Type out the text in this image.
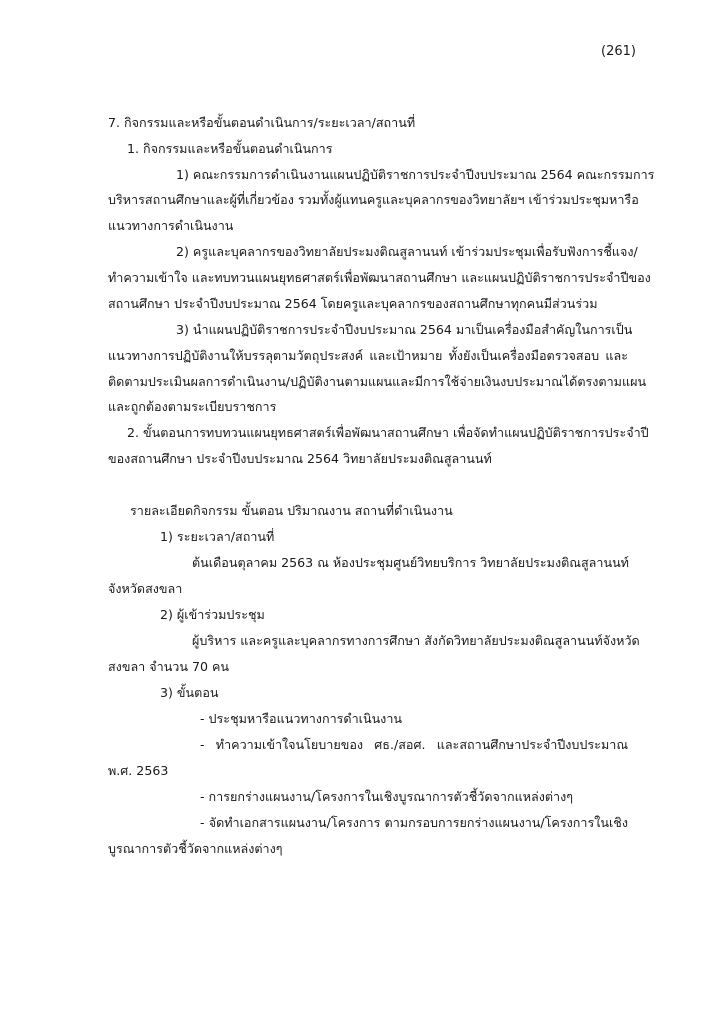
(261)
7. กิจกรรมและหรือขั้นตอนดำเนินการ/ระยะเวลา/สถานที่
1. กิจกรรมและหรือขั้นตอนดำเนินการ
1) คณะกรรมการดำเนินงานแผนปฏิบัติราชการประจำปีงบประมาณ 2564 คณะกรรมการ
บริหารสถานศึกษาและผู้ที่เกี่ยวข้อง รวมทั้งผู้แทนครูและบุคลากรของวิทยาลัยฯ เข้าร่วมประชุมหารือ
แนวทางการดำเนินงาน
2) ครูและบุคลากรของวิทยาลัยประมงติณสูลานนท์ เข้าร่วมประชุมเพื่อรับฟังการชี้แจง/
ทำความเข้าใจ และทบทวนแผนยุทธศาสตร์เพื่อพัฒนาสถานศึกษา และแผนปฏิบัติราชการประจำปีของ
สถานศึกษา ประจำปีงบประมาณ 2564 โดยครูและบุคลากรของสถานศึกษาทุกคนมีส่วนร่วม
3) นำแผนปฏิบัติราชการประจำปีงบประมาณ 2564 มาเป็นเครื่องมือสำคัญในการเป็น
แนวทางการปฏิบัติงานให้บรรลุตามวัตถุประสงค์ และเป้าหมาย ทั้งยังเป็นเครื่องมือตรวจสอบ และ
ติดตามประเมินผลการดำเนินงาน/ปฏิบัติงานตามแผนและมีการใช้จ่ายเงินงบประมาณได้ตรงตามแผน
และถูกต้องตามระเบียบราชการ
2. ขั้นตอนการทบทวนแผนยุทธศาสตร์เพื่อพัฒนาสถานศึกษา เพื่อจัดทำแผนปฏิบัติราชการประจำปี
ของสถานศึกษา ประจำปีงบประมาณ 2564 วิทยาลัยประมงติณสูลานนท์
รายละเอียดกิจกรรม ขั้นตอน ปริมาณงาน สถานที่ดำเนินงาน
1) ระยะเวลา/สถานที่
ต้นเดือนตุลาคม 2563 ณ ห้องประชุมศูนย์วิทยบริการ วิทยาลัยประมงติณสูลานนท์
จังหวัดสงขลา
2) ผู้เข้าร่วมประชุม
ผู้บริหาร และครูและบุคลากรทางการศึกษา สังกัดวิทยาลัยประมงติณสูลานนท์จังหวัด
สงขลา จำนวน 70 คน
3) ขั้นตอน
- ประชุมหารือแนวทางการดำเนินงาน
- ทำความเข้าใจนโยบายของ ศธ./สอศ. และสถานศึกษาประจำปีงบประมาณ
พ.ศ. 2563
- การยกร่างแผนงาน/โครงการในเชิงบูรณาการตัวชี้วัดจากแหล่งต่างๆ
- จัดทำเอกสารแผนงาน/โครงการ ตามกรอบการยกร่างแผนงาน/โครงการในเชิง
บูรณาการตัวชี้วัดจากแหล่งต่างๆ
